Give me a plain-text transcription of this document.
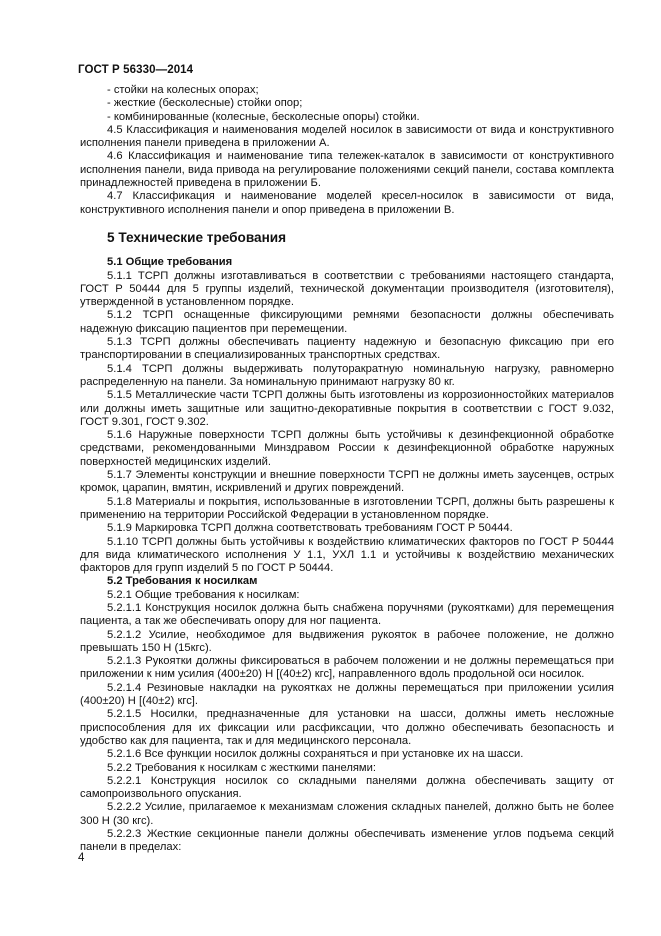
ГОСТ Р 56330—2014

- стойки на колесных опорах;

- жесткие (бесколесные) стойки опор;

- комбинированные (колесные, бесколесные опоры) стойки.

4.5 Классификация и наименования моделей носилок в зависимости от вида и конструктивного исполнения панели приведена в приложении А.

4.6 Классификация и наименование типа тележек-каталок в зависимости от конструктивного исполнения панели, вида привода на регулирование положениями секций панели, состава комплекта принадлежностей приведена в приложении Б.

4.7 Классификация и наименование моделей кресел-носилок в зависимости от вида, конструктивного исполнения панели и опор приведена в приложении В.

5 Технические требования

5.1 Общие требования

5.1.1 ТСРП должны изготавливаться в соответствии с требованиями настоящего стандарта, ГОСТ Р 50444 для 5 группы изделий, технической документации производителя (изготовителя), утвержденной в установленном порядке.

5.1.2 ТСРП оснащенные фиксирующими ремнями безопасности должны обеспечивать надежную фиксацию пациентов при перемещении.

5.1.3 ТСРП должны обеспечивать пациенту надежную и безопасную фиксацию при его транспортировании в специализированных транспортных средствах.

5.1.4 ТСРП должны выдерживать полуторакратную номинальную нагрузку, равномерно распределенную на панели. За номинальную принимают нагрузку 80 кг.

5.1.5 Металлические части ТСРП должны быть изготовлены из коррозионностойких материалов или должны иметь защитные или защитно-декоративные покрытия в соответствии с ГОСТ 9.032, ГОСТ 9.301, ГОСТ 9.302.

5.1.6 Наружные поверхности ТСРП должны быть устойчивы к дезинфекционной обработке средствами, рекомендованными Минздравом России к дезинфекционной обработке наружных поверхностей медицинских изделий.

5.1.7 Элементы конструкции и внешние поверхности ТСРП не должны иметь заусенцев, острых кромок, царапин, вмятин, искривлений и других повреждений.

5.1.8 Материалы и покрытия, использованные в изготовлении ТСРП, должны быть разрешены к применению на территории Российской Федерации в установленном порядке.

5.1.9 Маркировка ТСРП должна соответствовать требованиям ГОСТ Р 50444.

5.1.10 ТСРП должны быть устойчивы к воздействию климатических факторов по ГОСТ Р 50444 для вида климатического исполнения У 1.1, УХЛ 1.1 и устойчивы к воздействию механических факторов для групп изделий 5 по ГОСТ Р 50444.

5.2 Требования к носилкам

5.2.1 Общие требования к носилкам:

5.2.1.1 Конструкция носилок должна быть снабжена поручнями (рукоятками) для перемещения пациента, а так же обеспечивать опору для ног пациента.

5.2.1.2 Усилие, необходимое для выдвижения рукояток в рабочее положение, не должно превышать 150 Н (15кгс).

5.2.1.3 Рукоятки должны фиксироваться в рабочем положении и не должны перемещаться при приложении к ним усилия (400±20) Н [(40±2) кгс], направленного вдоль продольной оси носилок.

5.2.1.4 Резиновые накладки на рукоятках не должны перемещаться при приложении усилия (400±20) Н [(40±2) кгс].

5.2.1.5 Носилки, предназначенные для установки на шасси, должны иметь несложные приспособления для их фиксации или расфиксации, что должно обеспечивать безопасность и удобство как для пациента, так и для медицинского персонала.

5.2.1.6 Все функции носилок должны сохраняться и при установке их на шасси.

5.2.2 Требования к носилкам с жесткими панелями:

5.2.2.1 Конструкция носилок со складными панелями должна обеспечивать защиту от самопроизвольного опускания.

5.2.2.2 Усилие, прилагаемое к механизмам сложения складных панелей, должно быть не более 300 Н (30 кгс).

5.2.2.3 Жесткие секционные панели должны обеспечивать изменение углов подъема секций панели в пределах:

4
